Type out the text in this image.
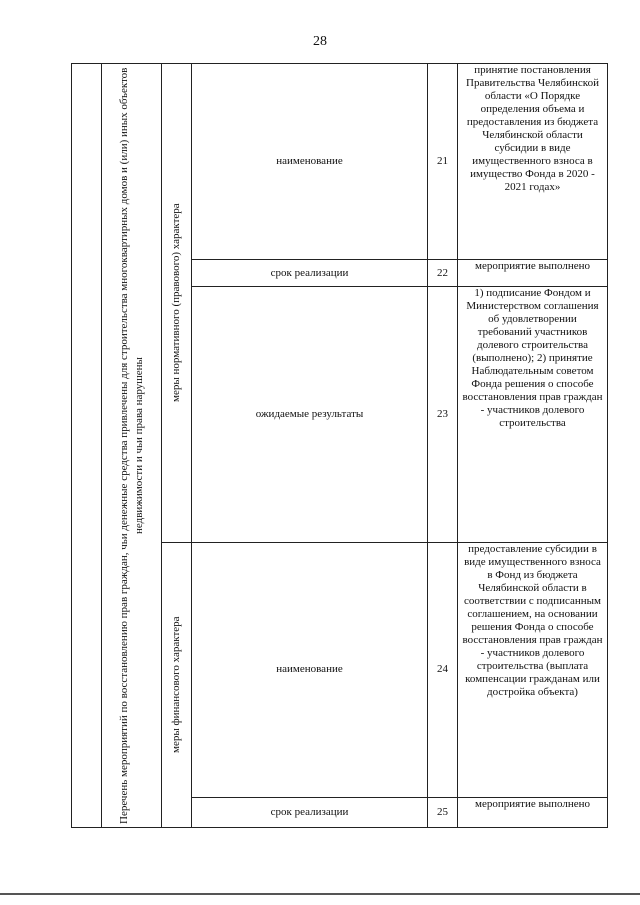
28

	Перечень мероприятий по восстановлению прав граждан, чьи денежные средства привлечены для строительства многоквартирных домов и (или) иных объектов недвижимости и чьи права нарушены	меры нормативного (правового) характера	наименование	21	принятие постановления Правительства Челябинской области «О Порядке определения объема и предоставления из бюджета Челябинской области субсидии в виде имущественного взноса в имущество Фонда в 2020 - 2021 годах»
			срок реализации	22	мероприятие выполнено
			ожидаемые результаты	23	1) подписание Фондом и Министерством соглашения об удовлетворении требований участников долевого строительства (выполнено); 2) принятие Наблюдательным советом Фонда решения о способе восстановления прав граждан - участников долевого строительства

		меры финансового характера	наименование	24	предоставление субсидии в виде имущественного взноса в Фонд из бюджета Челябинской области в соответствии с подписанным соглашением, на основании решения Фонда о способе восстановления прав граждан - участников долевого строительства (выплата компенсации гражданам или достройка объекта)
			срок реализации	25	мероприятие выполнено
